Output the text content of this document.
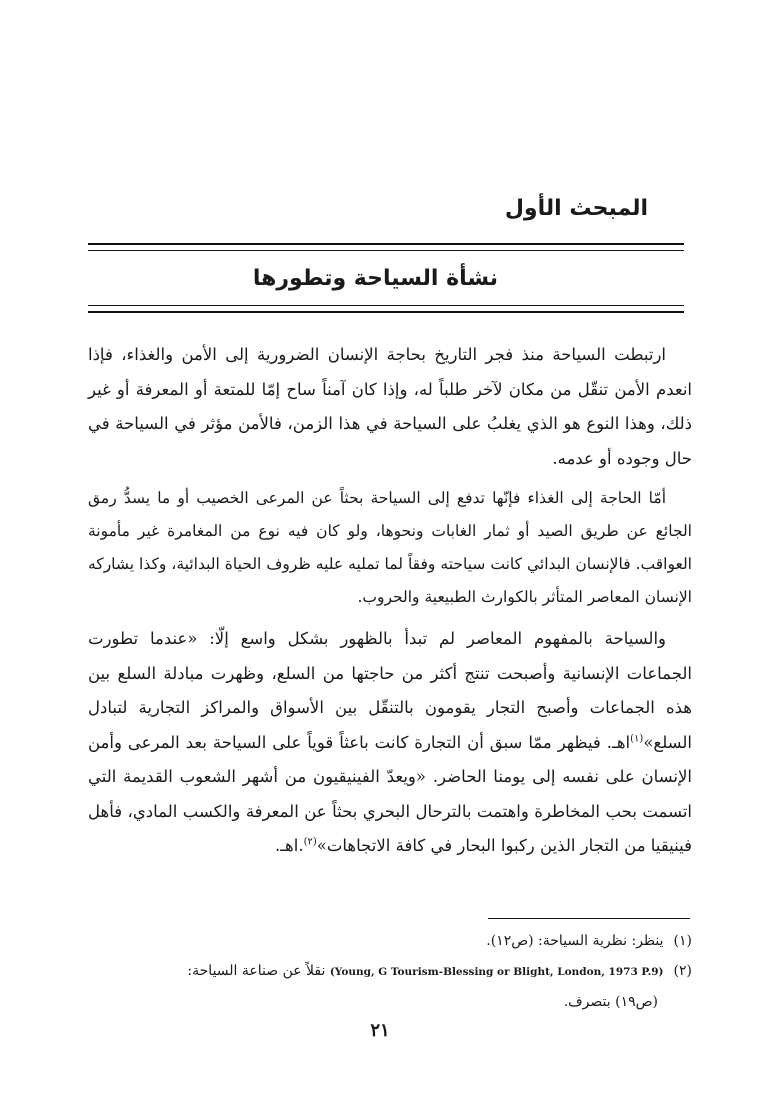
المبحث الأول
نشأة السياحة وتطورها

ارتبطت السياحة منذ فجر التاريخ بحاجة الإنسان الضرورية إلى الأمن والغذاء، فإذا انعدم الأمن تنقّل من مكان لآخر طلباً له، وإذا كان آمناً ساح إمّا للمتعة أو المعرفة أو غير ذلك، وهذا النوع هو الذي يغلبُ على السياحة في هذا الزمن، فالأمن مؤثر في السياحة في حال وجوده أو عدمه.

أمّا الحاجة إلى الغذاء فإنّها تدفع إلى السياحة بحثاً عن المرعى الخصيب أو ما يسدُّ رمق الجائع عن طريق الصيد أو ثمار الغابات ونحوها، ولو كان فيه نوع من المغامرة غير مأمونة العواقب. فالإنسان البدائي كانت سياحته وفقاً لما تمليه عليه ظروف الحياة البدائية، وكذا يشاركه الإنسان المعاصر المتأثر بالكوارث الطبيعية والحروب.

والسياحة بالمفهوم المعاصر لم تبدأ بالظهور بشكل واسع إلّا: «عندما تطورت الجماعات الإنسانية وأصبحت تنتج أكثر من حاجتها من السلع، وظهرت مبادلة السلع بين هذه الجماعات وأصبح التجار يقومون بالتنقّل بين الأسواق والمراكز التجارية لتبادل السلع»$^{(١)}$اهـ. فيظهر ممّا سبق أن التجارة كانت باعثاً قوياً على السياحة بعد المرعى وأمن الإنسان على نفسه إلى يومنا الحاضر. «ويعدّ الفينيقيون من أشهر الشعوب القديمة التي اتسمت بحب المخاطرة واهتمت بالترحال البحري بحثاً عن المعرفة والكسب المادي، فأهل فينيقيا من التجار الذين ركبوا البحار في كافة الاتجاهات»$^{(٢)}$.اهـ.

(١)ينظر: نظرية السياحة: (ص١٢).

(٢)(Young, G Tourism-Blessing or Blight, London, 1973 P.9) نقلاً عن صناعة السياحة:

(ص١٩) بتصرف.

٢١
